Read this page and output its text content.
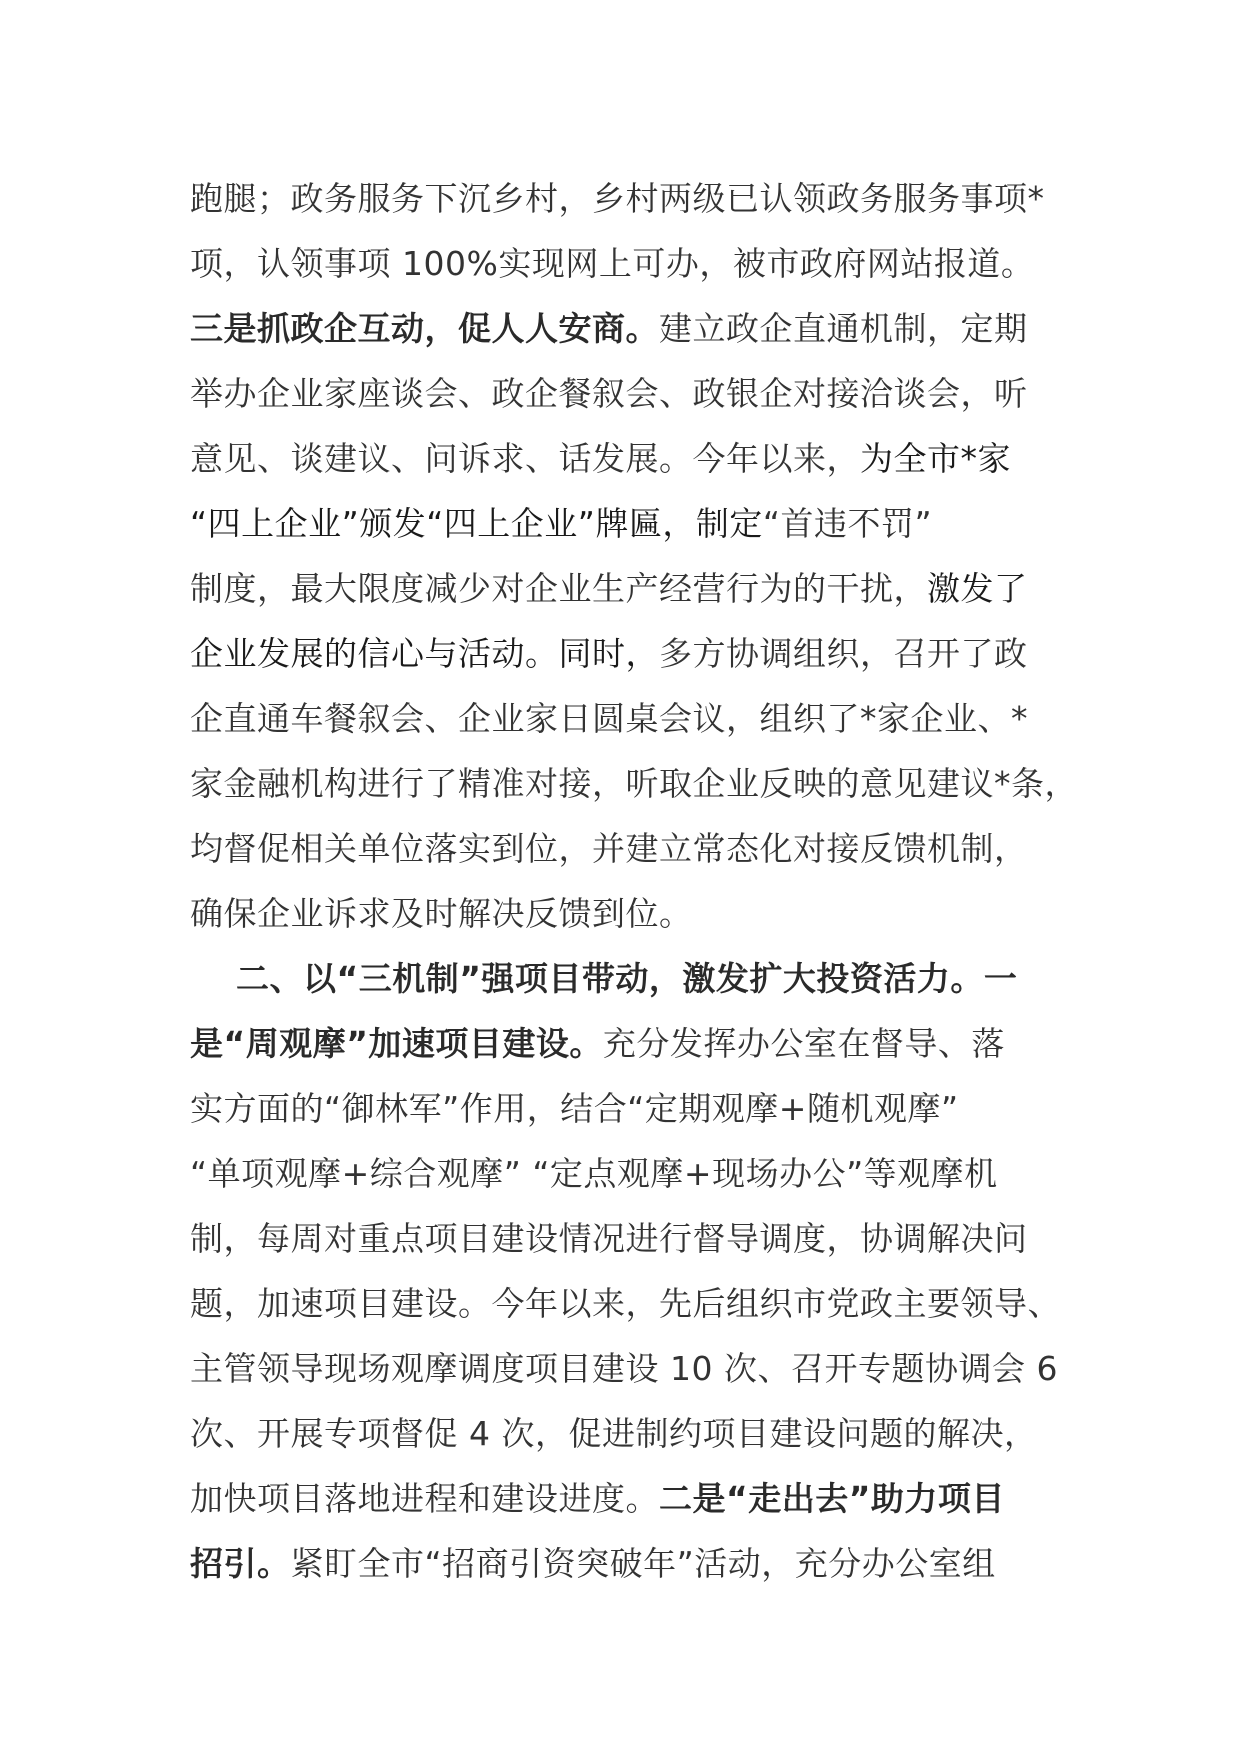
跑腿；政务服务下沉乡村，乡村两级已认领政务服务事项*
项，认领事项 100%实现网上可办，被市政府网站报道。
三是抓政企互动，促人人安商。建立政企直通机制，定期
举办企业家座谈会、政企餐叙会、政银企对接洽谈会，听
意见、谈建议、问诉求、话发展。今年以来，为全市*家
“四上企业”颁发“四上企业”牌匾，制定“首违不罚”
制度，最大限度减少对企业生产经营行为的干扰，激发了
企业发展的信心与活动。同时，多方协调组织，召开了政
企直通车餐叙会、企业家日圆桌会议，组织了*家企业、*
家金融机构进行了精准对接，听取企业反映的意见建议*条，
均督促相关单位落实到位，并建立常态化对接反馈机制，
确保企业诉求及时解决反馈到位。
二、以“三机制”强项目带动，激发扩大投资活力。一
是“周观摩”加速项目建设。充分发挥办公室在督导、落
实方面的“御林军”作用，结合“定期观摩+随机观摩”
“单项观摩+综合观摩” “定点观摩+现场办公”等观摩机
制，每周对重点项目建设情况进行督导调度，协调解决问
题，加速项目建设。今年以来，先后组织市党政主要领导、
主管领导现场观摩调度项目建设 10 次、召开专题协调会 6
次、开展专项督促 4 次，促进制约项目建设问题的解决，
加快项目落地进程和建设进度。二是“走出去”助力项目
招引。紧盯全市“招商引资突破年”活动，充分办公室组
